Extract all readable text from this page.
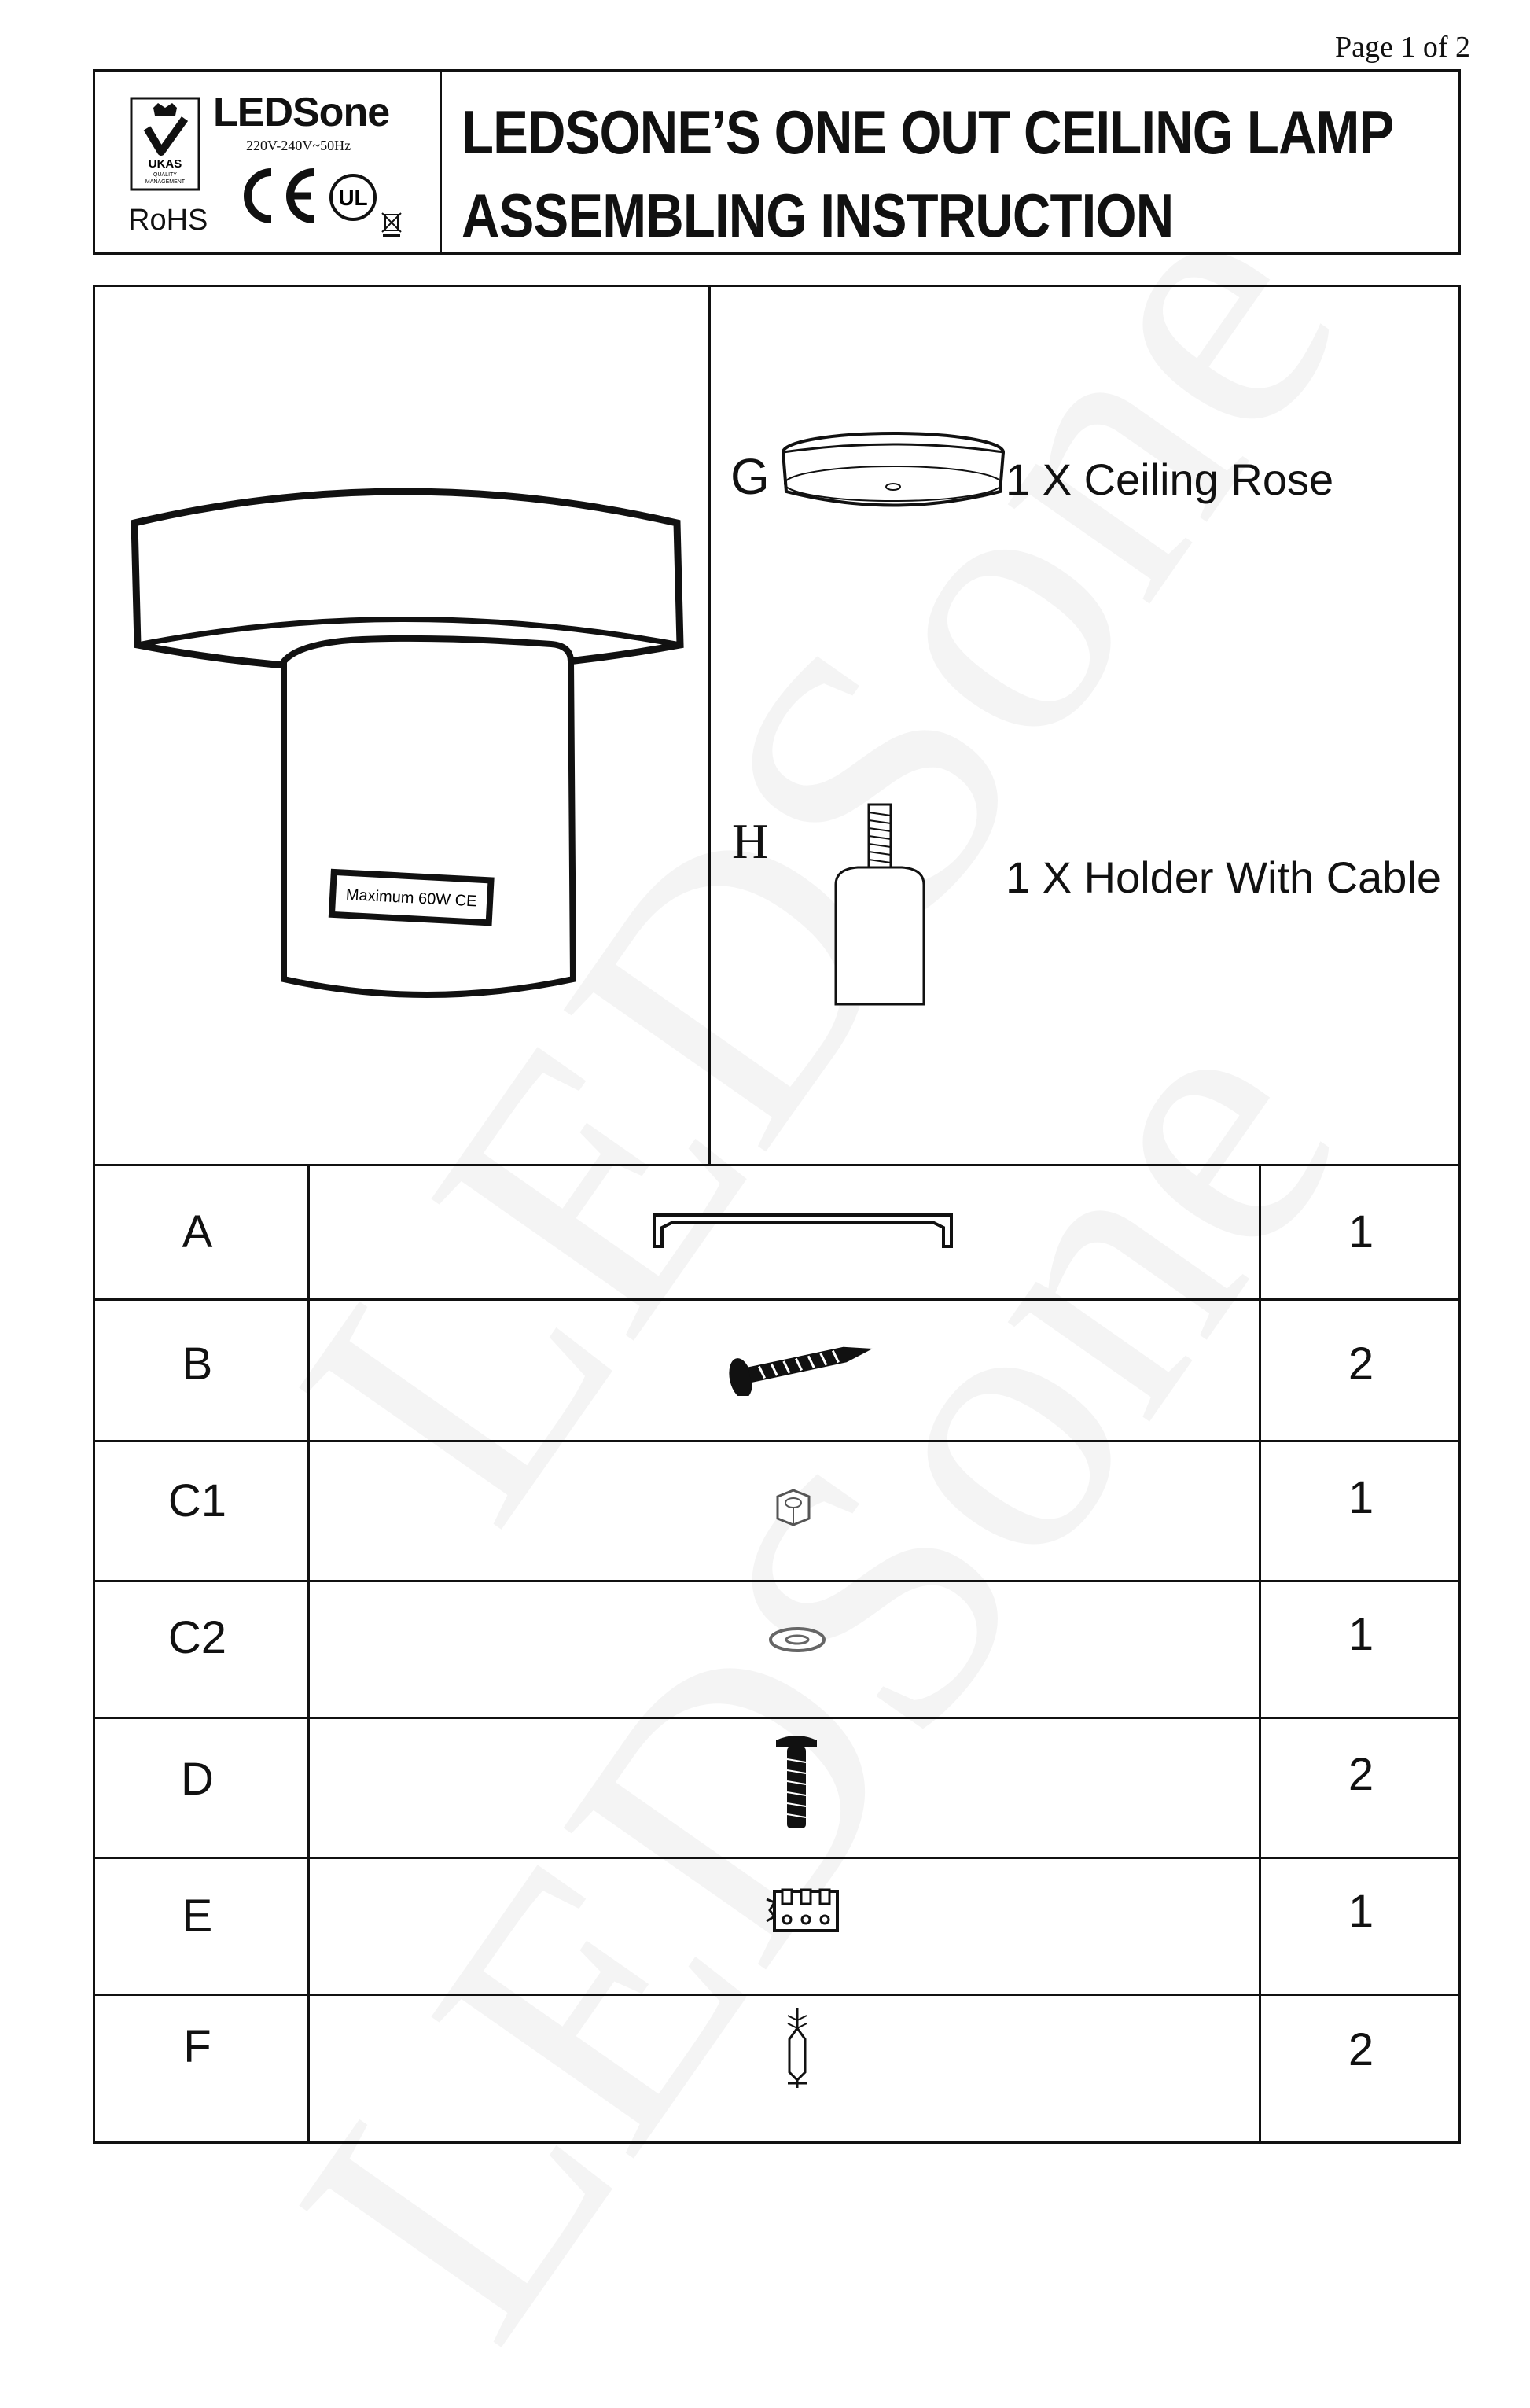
Page 1 of 2
UKAS
QUALITY
MANAGEMENT
LEDSone
220V-240V~50Hz
RoHS
UL
LEDSONE’S ONE OUT CEILING LAMP
ASSEMBLING INSTRUCTION
Maximum 60W CE
G	1 X Ceiling Rose
H
1 X Holder With Cable
A	1
B	2
C1	1
C2	1
D	2
E	1
F	2
